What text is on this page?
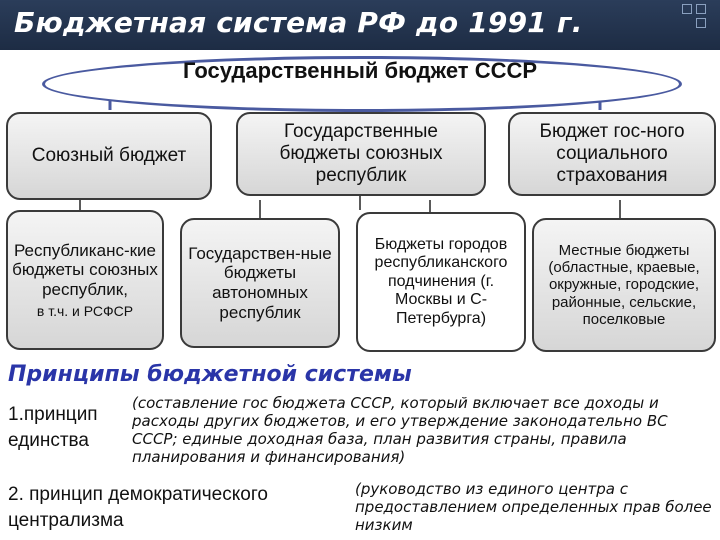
Бюджетная система РФ до 1991 г.
Государственный бюджет СССР
Союзный бюджет
Государственные бюджеты союзных республик
Бюджет гос-ного социального страхования
Республиканс-кие бюджеты союзных республик,
в т.ч. и РСФСР
Государствен-ные бюджеты автономных республик
Бюджеты городов республиканского подчинения (г. Москвы и С-Петербурга)
Местные бюджеты (областные, краевые, окружные, городские, районные, сельские, поселковые
Принципы бюджетной системы
1.принцип единства
(составление гос бюджета СССР, который включает все доходы и расходы других бюджетов, и его утверждение законодательно ВС СССР; единые доходная база, план развития страны, правила планирования и финансирования)
2. принцип демократического централизма
(руководство из единого центра с предоставлением определенных прав более низким
